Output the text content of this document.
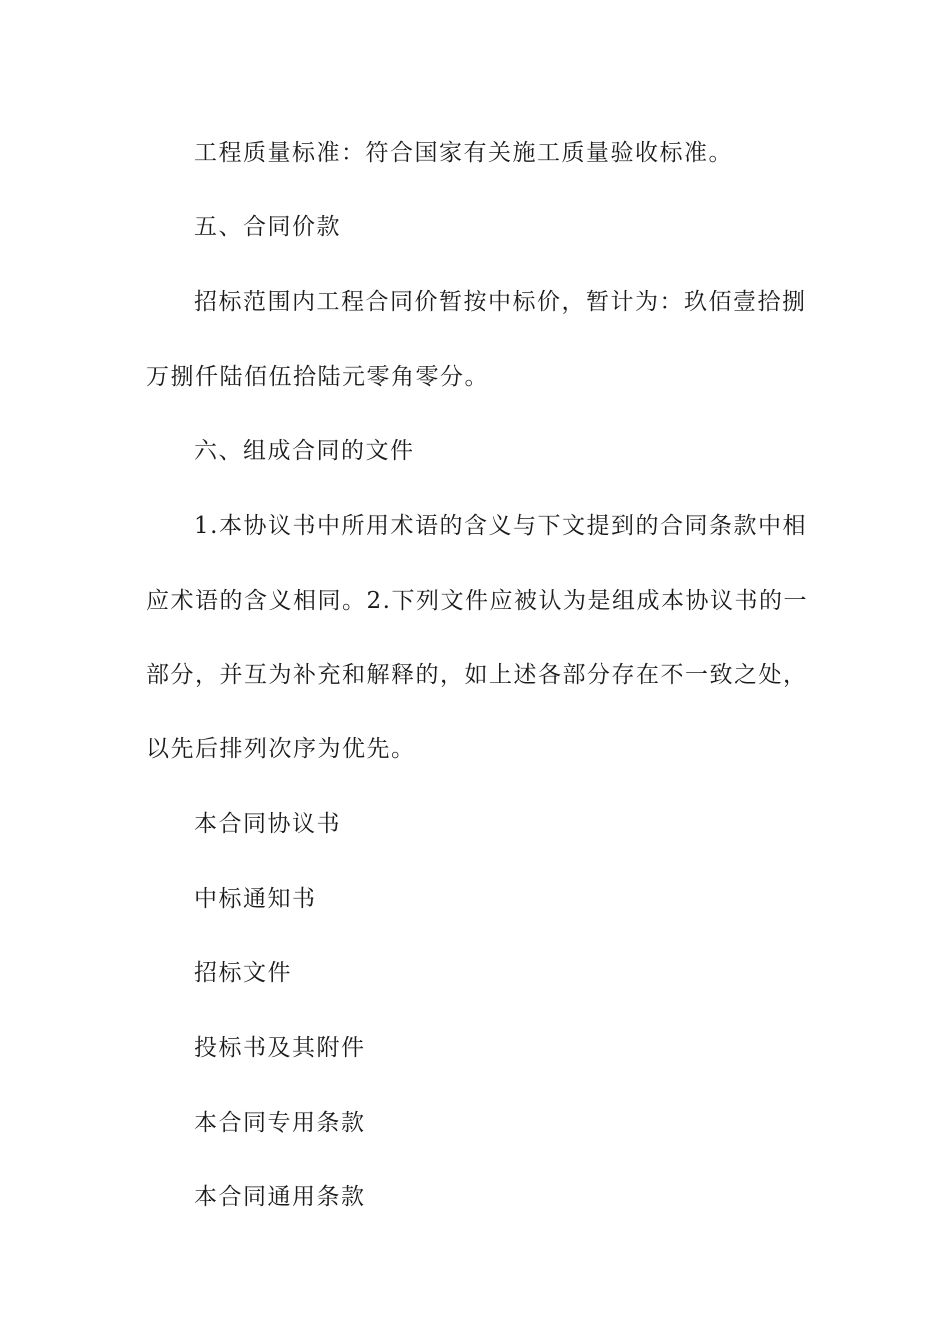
工程质量标准：符合国家有关施工质量验收标准。
五、合同价款
招标范围内工程合同价暂按中标价，暂计为：玖佰壹拾捌
万捌仟陆佰伍拾陆元零角零分。
六、组成合同的文件
1.本协议书中所用术语的含义与下文提到的合同条款中相
应术语的含义相同。2.下列文件应被认为是组成本协议书的一
部分，并互为补充和解释的，如上述各部分存在不一致之处，
以先后排列次序为优先。
本合同协议书
中标通知书
招标文件
投标书及其附件
本合同专用条款
本合同通用条款
